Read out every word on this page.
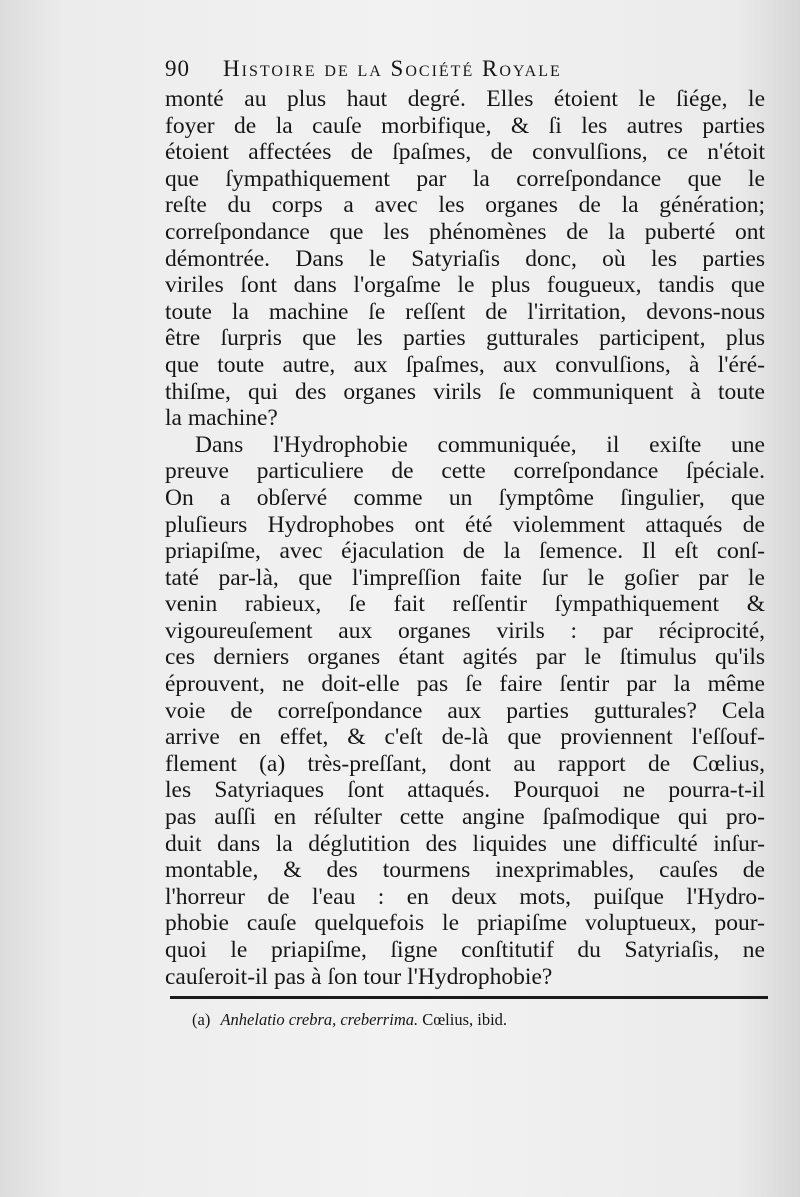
90 Histoire de la Société Royale
monté au plus haut degré. Elles étoient le ſiége, le
foyer de la cauſe morbifique, & ſi les autres parties
étoient affectées de ſpaſmes, de convulſions, ce n'étoit
que ſympathiquement par la correſpondance que le
reſte du corps a avec les organes de la génération;
correſpondance que les phénomènes de la puberté ont
démontrée. Dans le Satyriaſis donc, où les parties
viriles ſont dans l'orgaſme le plus fougueux, tandis que
toute la machine ſe reſſent de l'irritation, devons-nous
être ſurpris que les parties gutturales participent, plus
que toute autre, aux ſpaſmes, aux convulſions, à l'éré-
thiſme, qui des organes virils ſe communiquent à toute
la machine?
Dans l'Hydrophobie communiquée, il exiſte une
preuve particuliere de cette correſpondance ſpéciale.
On a obſervé comme un ſymptôme ſingulier, que
pluſieurs Hydrophobes ont été violemment attaqués de
priapiſme, avec éjaculation de la ſemence. Il eſt conſ-
taté par-là, que l'impreſſion faite ſur le goſier par le
venin rabieux, ſe fait reſſentir ſympathiquement &
vigoureuſement aux organes virils : par réciprocité,
ces derniers organes étant agités par le ſtimulus qu'ils
éprouvent, ne doit-elle pas ſe faire ſentir par la même
voie de correſpondance aux parties gutturales? Cela
arrive en effet, & c'eſt de-là que proviennent l'eſſouf-
flement (a) très-preſſant, dont au rapport de Cœlius,
les Satyriaques ſont attaqués. Pourquoi ne pourra-t-il
pas auſſi en réſulter cette angine ſpaſmodique qui pro-
duit dans la déglutition des liquides une difficulté inſur-
montable, & des tourmens inexprimables, cauſes de
l'horreur de l'eau : en deux mots, puiſque l'Hydro-
phobie cauſe quelquefois le priapiſme voluptueux, pour-
quoi le priapiſme, ſigne conſtitutif du Satyriaſis, ne
cauſeroit-il pas à ſon tour l'Hydrophobie?
(a) Anhelatio crebra, creberrima. Cœlius, ibid.
